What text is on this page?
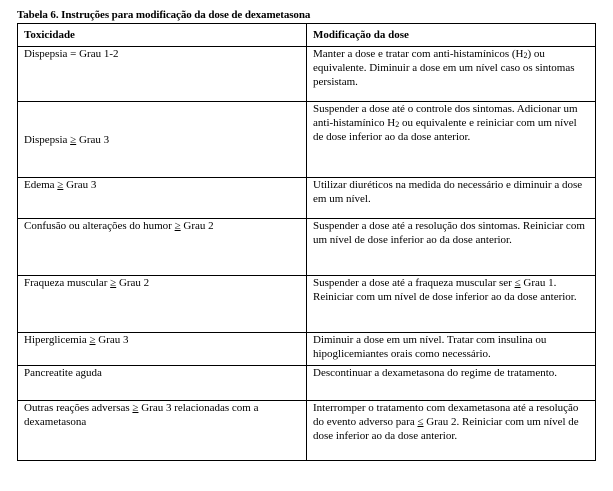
Tabela 6. Instruções para modificação da dose de dexametasona
Toxicidade	Modificação da dose
Dispepsia = Grau 1-2	Manter a dose e tratar com anti-histamínicos $(H_2)$ ou equivalente. Diminuir a dose em um nível caso os sintomas persistam.
Dispepsia ≥ Grau 3	Suspender a dose até o controle dos sintomas. Adicionar um anti-histamínico $H_2$ ou equivalente e reiniciar com um nível de dose inferior ao da dose anterior.
Edema ≥ Grau 3	Utilizar diuréticos na medida do necessário e diminuir a dose em um nível.
Confusão ou alterações do humor ≥ Grau 2	Suspender a dose até a resolução dos sintomas. Reiniciar com um nível de dose inferior ao da dose anterior.
Fraqueza muscular ≥ Grau 2	Suspender a dose até a fraqueza muscular ser ≤ Grau 1. Reiniciar com um nível de dose inferior ao da dose anterior.
Hiperglicemia ≥ Grau 3	Diminuir a dose em um nível. Tratar com insulina ou hipoglicemiantes orais como necessário.
Pancreatite aguda	Descontinuar a dexametasona do regime de tratamento.
Outras reações adversas ≥ Grau 3 relacionadas com a dexametasona	Interromper o tratamento com dexametasona até a resolução do evento adverso para ≤ Grau 2. Reiniciar com um nível de dose inferior ao da dose anterior.
